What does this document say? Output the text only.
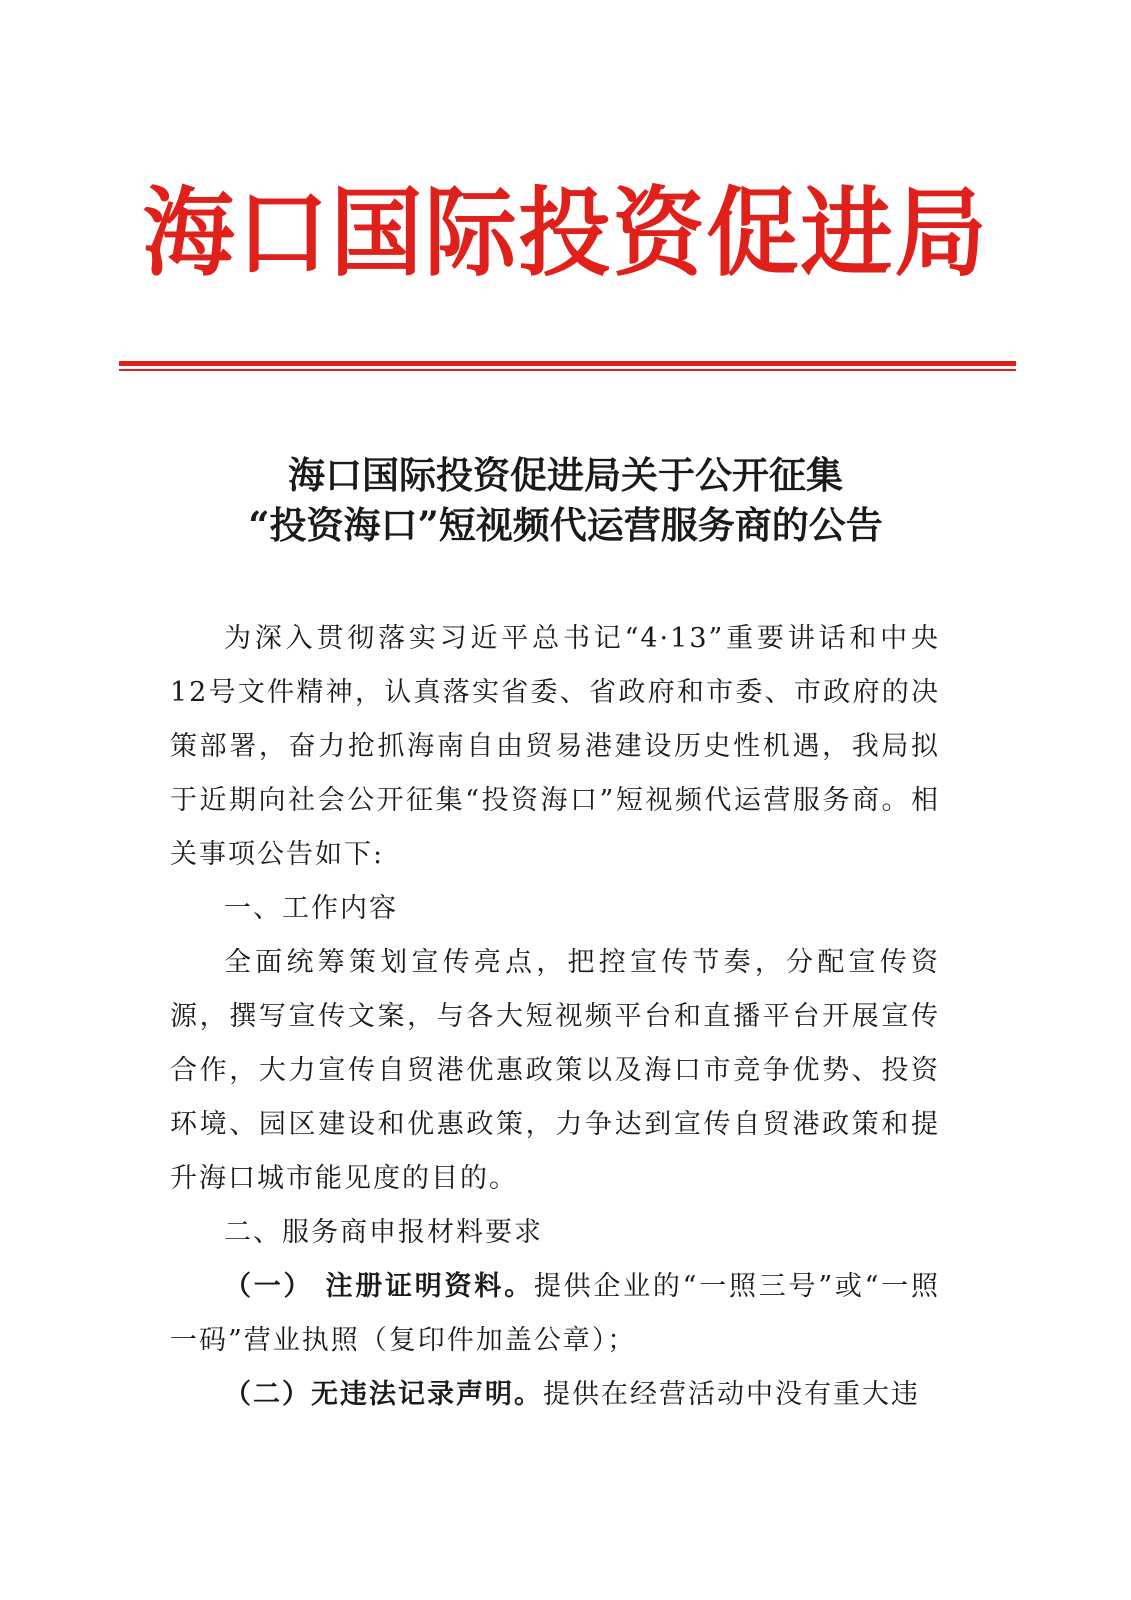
海口国际投资促进局
海口国际投资促进局关于公开征集
“投资海口”短视频代运营服务商的公告

为深入贯彻落实习近平总书记“4·13”重要讲话和中央12号文件精神，认真落实省委、省政府和市委、市政府的决策部署，奋力抢抓海南自由贸易港建设历史性机遇，我局拟于近期向社会公开征集“投资海口”短视频代运营服务商。相关事项公告如下:

一、工作内容

全面统筹策划宣传亮点，把控宣传节奏，分配宣传资源，撰写宣传文案，与各大短视频平台和直播平台开展宣传合作，大力宣传自贸港优惠政策以及海口市竞争优势、投资环境、园区建设和优惠政策，力争达到宣传自贸港政策和提升海口城市能见度的目的。

二、服务商申报材料要求

（一） 注册证明资料。提供企业的“一照三号”或“一照一码”营业执照（复印件加盖公章）；

（二）无违法记录声明。提供在经营活动中没有重大违
